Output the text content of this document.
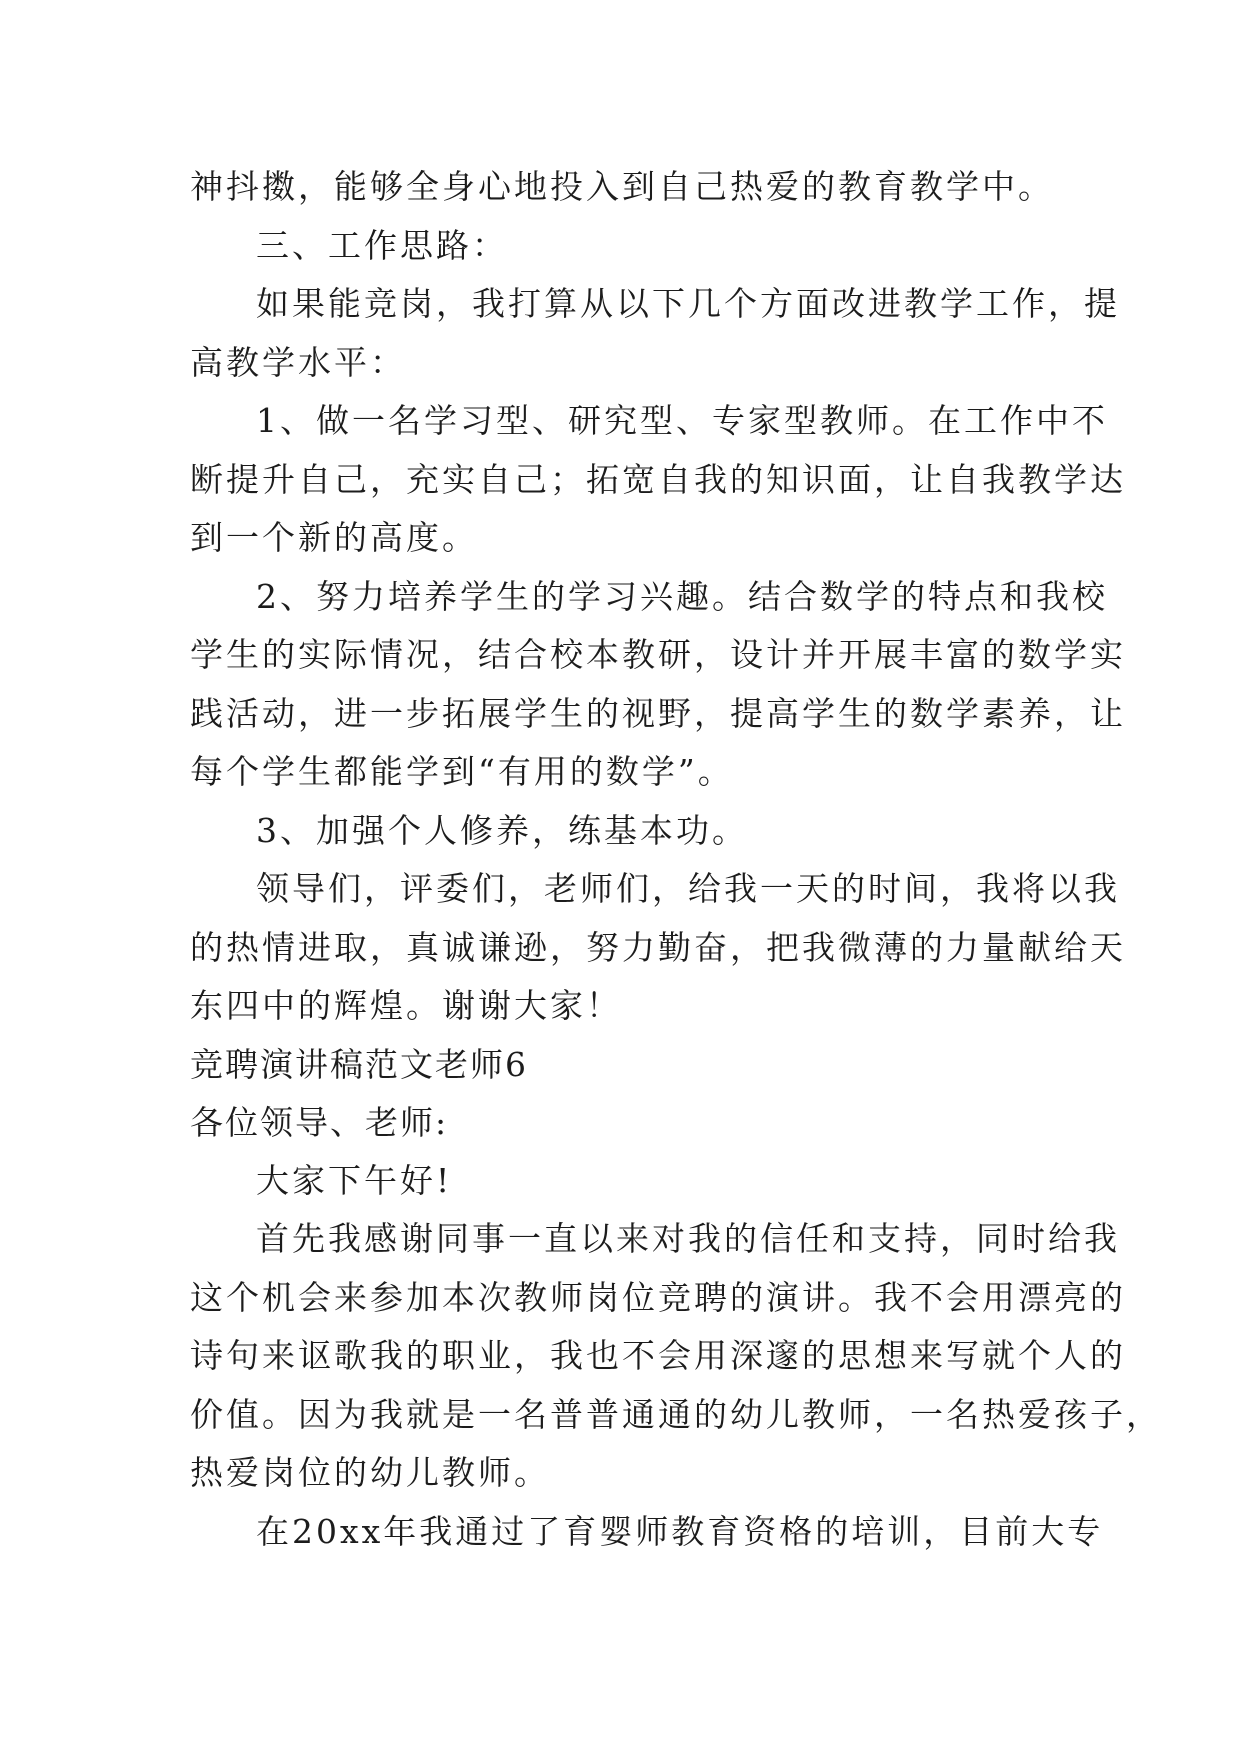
神抖擞，能够全身心地投入到自己热爱的教育教学中。
三、工作思路：
如果能竞岗，我打算从以下几个方面改进教学工作，提
高教学水平：
1、做一名学习型、研究型、专家型教师。在工作中不
断提升自己，充实自己；拓宽自我的知识面，让自我教学达
到一个新的高度。
2、努力培养学生的学习兴趣。结合数学的特点和我校
学生的实际情况，结合校本教研，设计并开展丰富的数学实
践活动，进一步拓展学生的视野，提高学生的数学素养，让
每个学生都能学到“有用的数学”。
3、加强个人修养，练基本功。
领导们，评委们，老师们，给我一天的时间，我将以我
的热情进取，真诚谦逊，努力勤奋，把我微薄的力量献给天
东四中的辉煌。谢谢大家！
竞聘演讲稿范文老师6
各位领导、老师:
大家下午好!
首先我感谢同事一直以来对我的信任和支持，同时给我
这个机会来参加本次教师岗位竞聘的演讲。我不会用漂亮的
诗句来讴歌我的职业，我也不会用深邃的思想来写就个人的
价值。因为我就是一名普普通通的幼儿教师，一名热爱孩子，
热爱岗位的幼儿教师。
在20xx年我通过了育婴师教育资格的培训，目前大专
